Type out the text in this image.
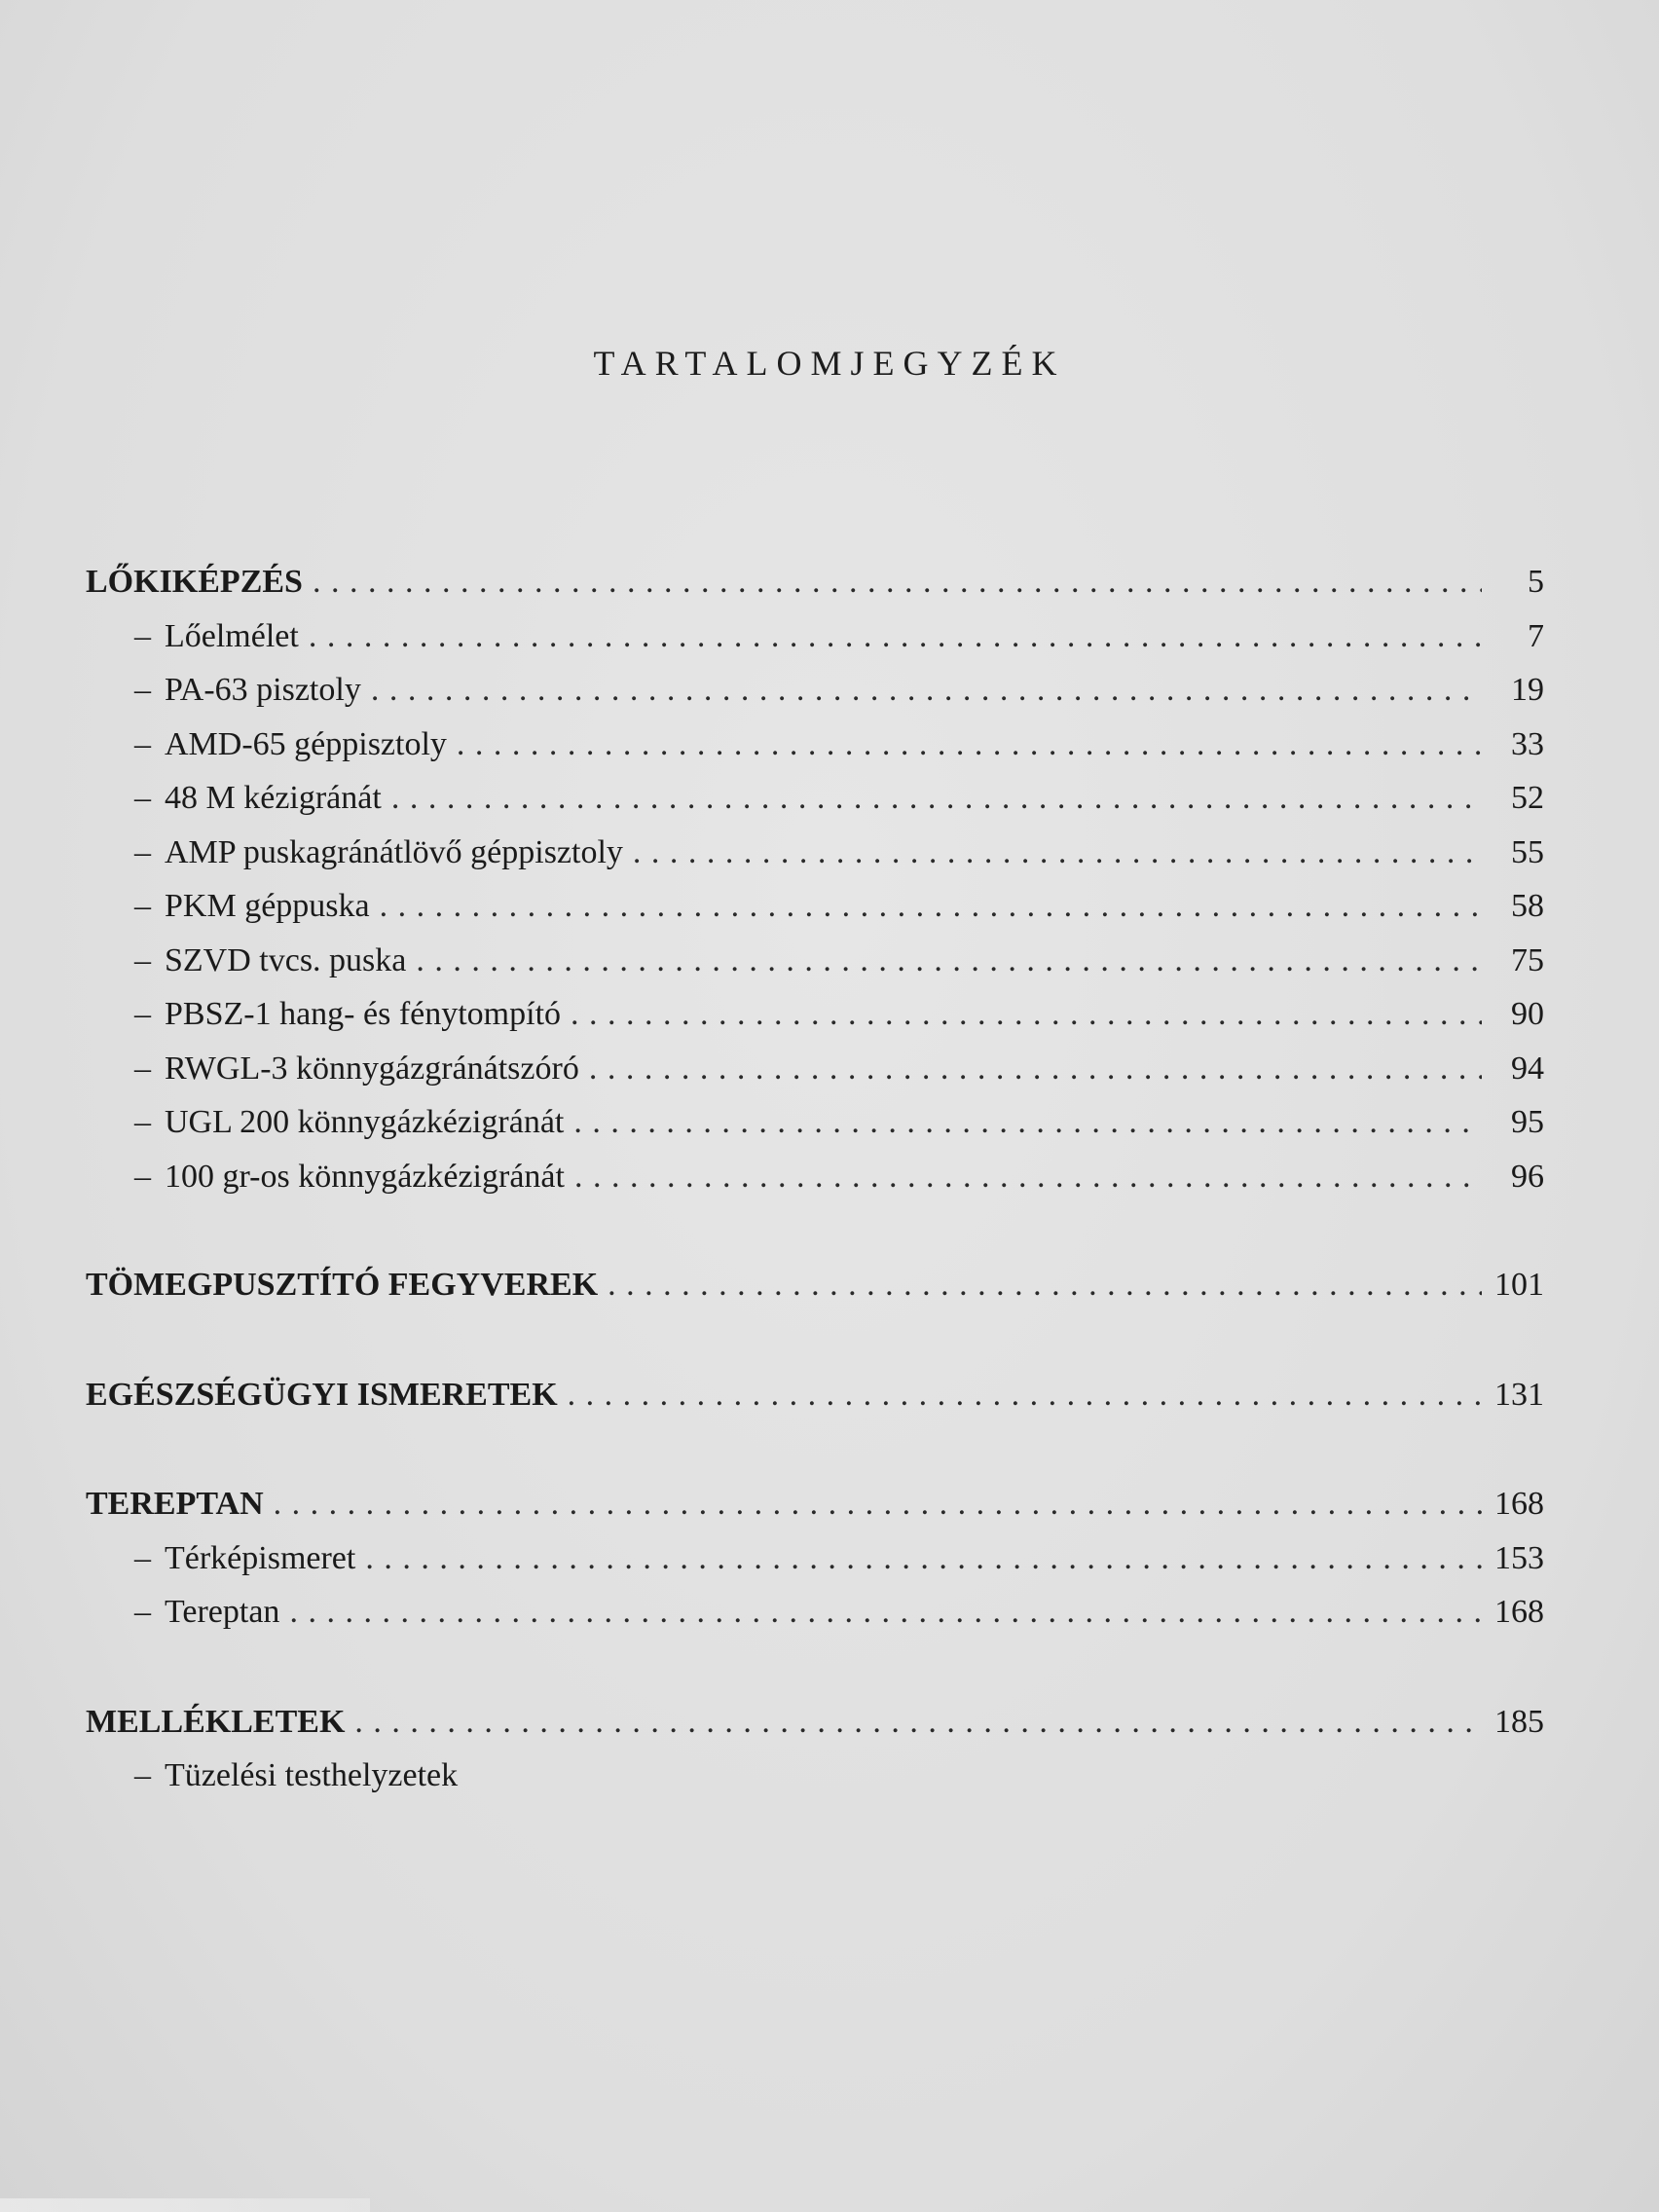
TARTALOMJEGYZÉK
LŐKIKÉPZÉS . . .	5
– Lőelmélet . . .	7
– PA-63 pisztoly . . .	19
– AMD-65 géppisztoly . . .	33
– 48 M kézigránát . . .	52
– AMP puskagránátlövő géppisztoly . . .	55
– PKM géppuska . . .	58
– SZVD tvcs. puska . . .	75
– PBSZ-1 hang- és fénytompító . . .	90
– RWGL-3 könnygázgránátszóró . . .	94
– UGL 200 könnygázkézigránát . . .	95
– 100 gr-os könnygázkézigránát . . .	96
TÖMEGPUSZTÍTÓ FEGYVEREK . . .	101
EGÉSZSÉGÜGYI ISMERETEK . . .	131
TEREPTAN . . .	168
– Térképismeret . . .	153
– Tereptan . . .	168
MELLÉKLETEK . . .	185
– Tüzelési testhelyzetek
